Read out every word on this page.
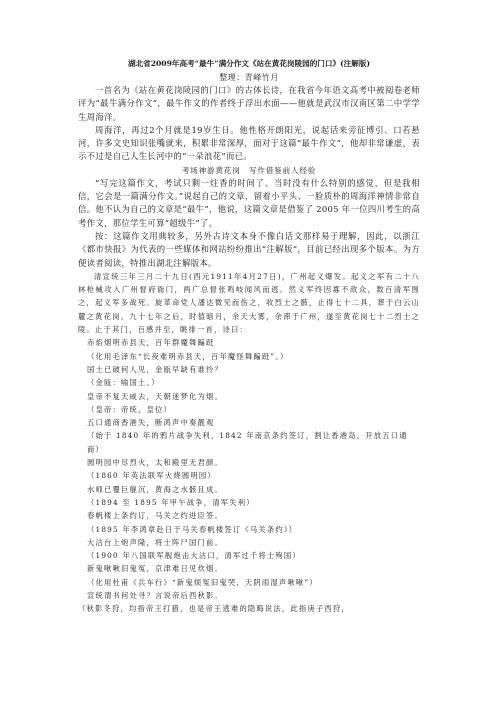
湖北省2009年高考“最牛”满分作文《站在黄花岗陵园的门口》(注解版)
整理：青峰竹月

一首名为《站在黄花岗陵园的门口》的古体长诗，在我省今年语文高考中被阅卷老师评为“最牛满分作文”，最牛作文的作者终于浮出水面——他就是武汉市汉南区第二中学学生周海洋。

周海洋，再过2个月就是19岁生日。他性格开朗阳光，说起话来旁征博引、口若悬河，许多文史知识张嘴就来，积累非常深厚，面对于这篇“最牛作文”，他却非常谦虚，表示不过是自己人生长河中的“一朵浪花”而已。

考场神游黄花岗　写作借鉴前人经验

“写完这篇作文，考试只剩一炷香的时间了。当时没有什么特别的感觉，但是我相信，它会是一篇满分作文。”说起自己的文章，留着小平头、一脸质朴的周海洋神情非常自信。他不认为自己的文章是“最牛”，他说，这篇文章是借鉴了 2005 年一位四川考生的高考作文，那位学生可算“超级牛”了。

按：这篇作文用典较多，另外古诗文本身不像白话文那样易于理解，因此，以浙江《都市快报》为代表的一些媒体和网站纷纷推出“注解版”，目前已经出现多个版本。为方便读者阅读，特推出湖北注解版本。

清宣统三年三月二十九日(西元1911年4月27日)，广州起义爆发。起义之军有二十八林枪械攻入广州督府衙门，两广总督张鸣岐闻风而逃。然义军终因寡不敌众，数百清军围之，起义军多战死。旋革命党人潘达微见而伤之，收烈士之骸，止得七十二具，葬于白云山麓之黄花岗。九十七年之后，时值暗月，余天大雾，余滞于广州，遂至黄花岗七十二烈士之陵。止于其门，百感并至，眺徘一首，诗曰：
赤焰烟明赤县天，百年群魔舞蹁跹
（化用毛泽东“长夜难明赤县天，百年魔怪舞蹁跹”。）
国土已破何人见，金瓯早缺有谁怜？
（金瓯：喻国土。）
皇帝不复天威去，天朝迷梦化为烟。
（皇帝：帝统，皇位）
五口通商香港失，断鸿声中奏靓观
（始于 1840 年的鸦片战争失利，1842 年南京条约签订，割让香港岛，开放五口通商）
圆明园中尽烈火，太和殿里无君颜。
（1860 年英法联军火烧圆明园）
水师已覆巨舰沉，黄海之水骸且成。
（1894 至 1895 年甲午战争，清军失利）
春帆楼上条约订，马关之约进臣签。
（1895 年李鸿章赴日于马关春帆楼签订《马关条约》）
大沽台上炮声隆，将士阵尸国门前。
（1900 年八国联军舰炮击大沽口，清军过千将士殉国）
新鬼啾啾旧鬼冤，京津难日见炊烟。
（化用杜甫《兵车行》“新鬼烦冤旧鬼哭，天阴雨湿声啾啾”）
宣统谓书何处寻？言说帝后西秋影。
（秋影冬狩，均指帝王打猎，也是帝王逃难的隐晦说法，此指庚子西狩，
